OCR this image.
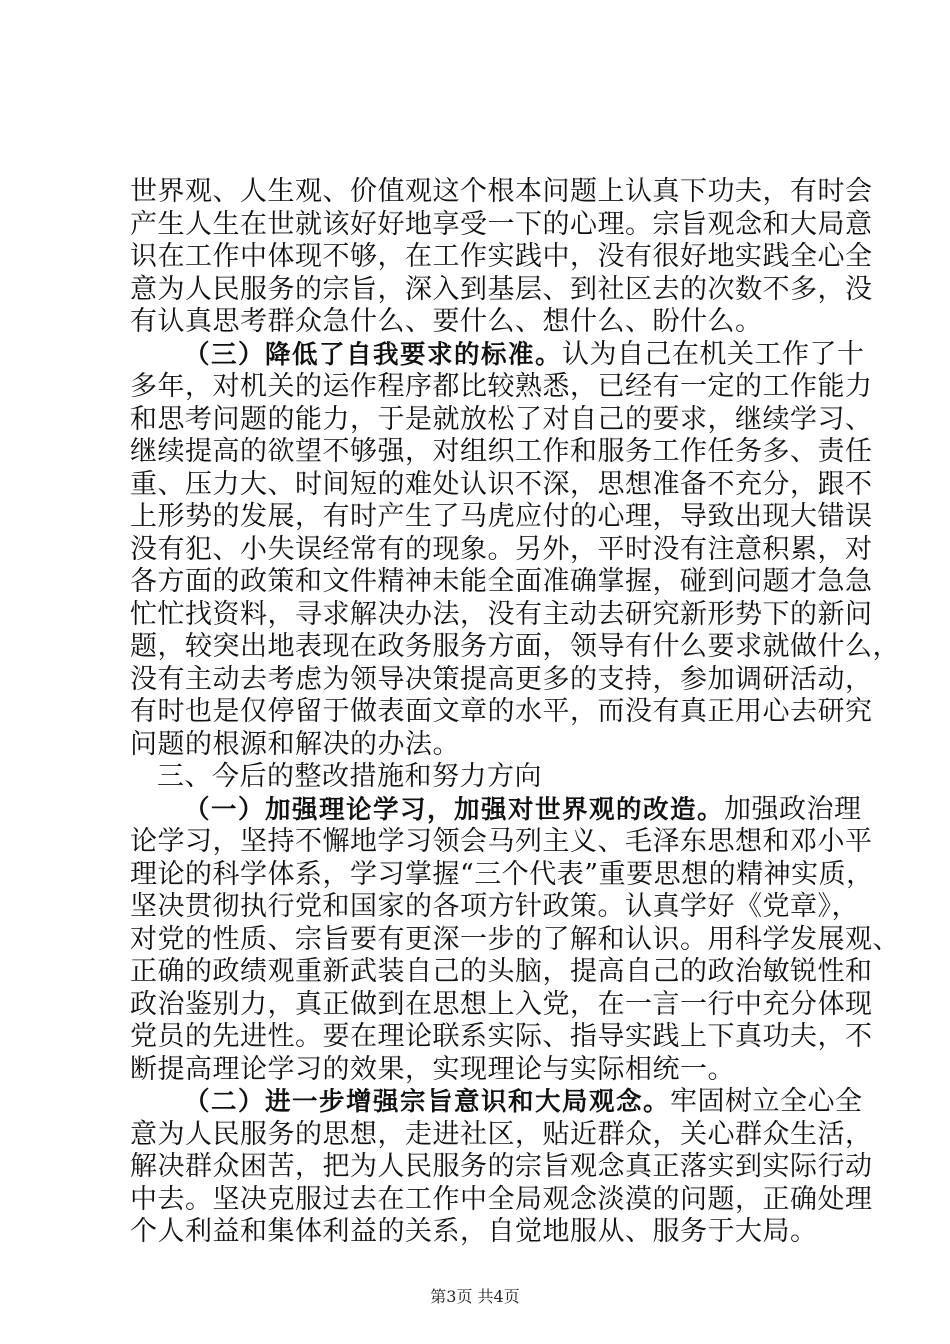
世界观、人生观、价值观这个根本问题上认真下功夫，有时会
产生人生在世就该好好地享受一下的心理。宗旨观念和大局意
识在工作中体现不够，在工作实践中，没有很好地实践全心全
意为人民服务的宗旨，深入到基层、到社区去的次数不多，没
有认真思考群众急什么、要什么、想什么、盼什么。
（三）降低了自我要求的标准。认为自己在机关工作了十
多年，对机关的运作程序都比较熟悉，已经有一定的工作能力
和思考问题的能力，于是就放松了对自己的要求，继续学习、
继续提高的欲望不够强，对组织工作和服务工作任务多、责任
重、压力大、时间短的难处认识不深，思想准备不充分，跟不
上形势的发展，有时产生了马虎应付的心理，导致出现大错误
没有犯、小失误经常有的现象。另外，平时没有注意积累，对
各方面的政策和文件精神未能全面准确掌握，碰到问题才急急
忙忙找资料，寻求解决办法，没有主动去研究新形势下的新问
题，较突出地表现在政务服务方面，领导有什么要求就做什么，
没有主动去考虑为领导决策提高更多的支持，参加调研活动，
有时也是仅停留于做表面文章的水平，而没有真正用心去研究
问题的根源和解决的办法。
三、今后的整改措施和努力方向
（一）加强理论学习，加强对世界观的改造。加强政治理
论学习，坚持不懈地学习领会马列主义、毛泽东思想和邓小平
理论的科学体系，学习掌握“三个代表”重要思想的精神实质，
坚决贯彻执行党和国家的各项方针政策。认真学好《党章》，
对党的性质、宗旨要有更深一步的了解和认识。用科学发展观、
正确的政绩观重新武装自己的头脑，提高自己的政治敏锐性和
政治鉴别力，真正做到在思想上入党，在一言一行中充分体现
党员的先进性。要在理论联系实际、指导实践上下真功夫，不
断提高理论学习的效果，实现理论与实际相统一。
（二）进一步增强宗旨意识和大局观念。牢固树立全心全
意为人民服务的思想，走进社区，贴近群众，关心群众生活，
解决群众困苦，把为人民服务的宗旨观念真正落实到实际行动
中去。坚决克服过去在工作中全局观念淡漠的问题，正确处理
个人利益和集体利益的关系，自觉地服从、服务于大局。
第3页 共4页
